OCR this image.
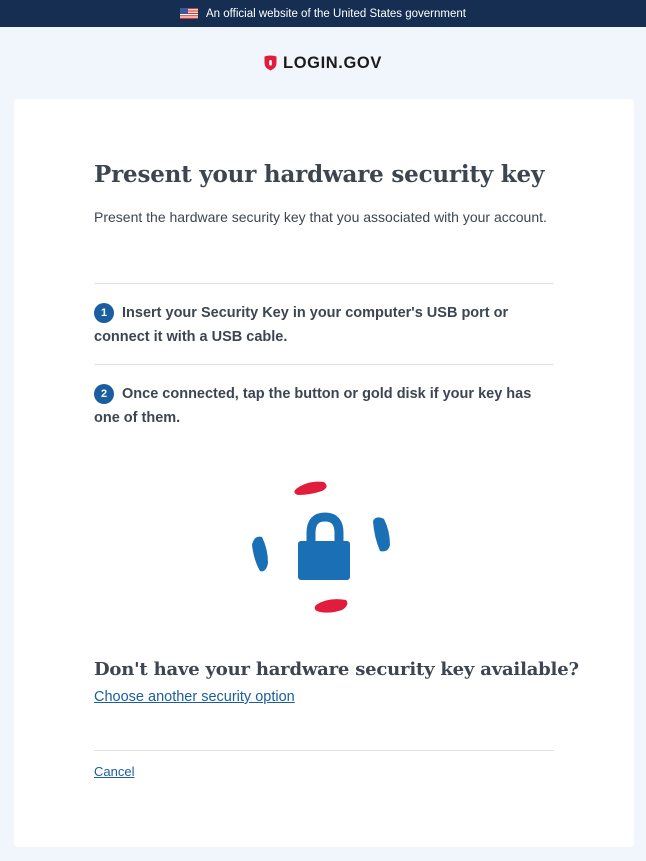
An official website of the United States government
LOGIN.GOV
Present your hardware security key

Present the hardware security key that you associated with your account.

1 Insert your Security Key in your computer's USB port or connect it with a USB cable.
2 Once connected, tap the button or gold disk if your key has one of them.
Don't have your hardware security key available?
Choose another security option
Cancel
